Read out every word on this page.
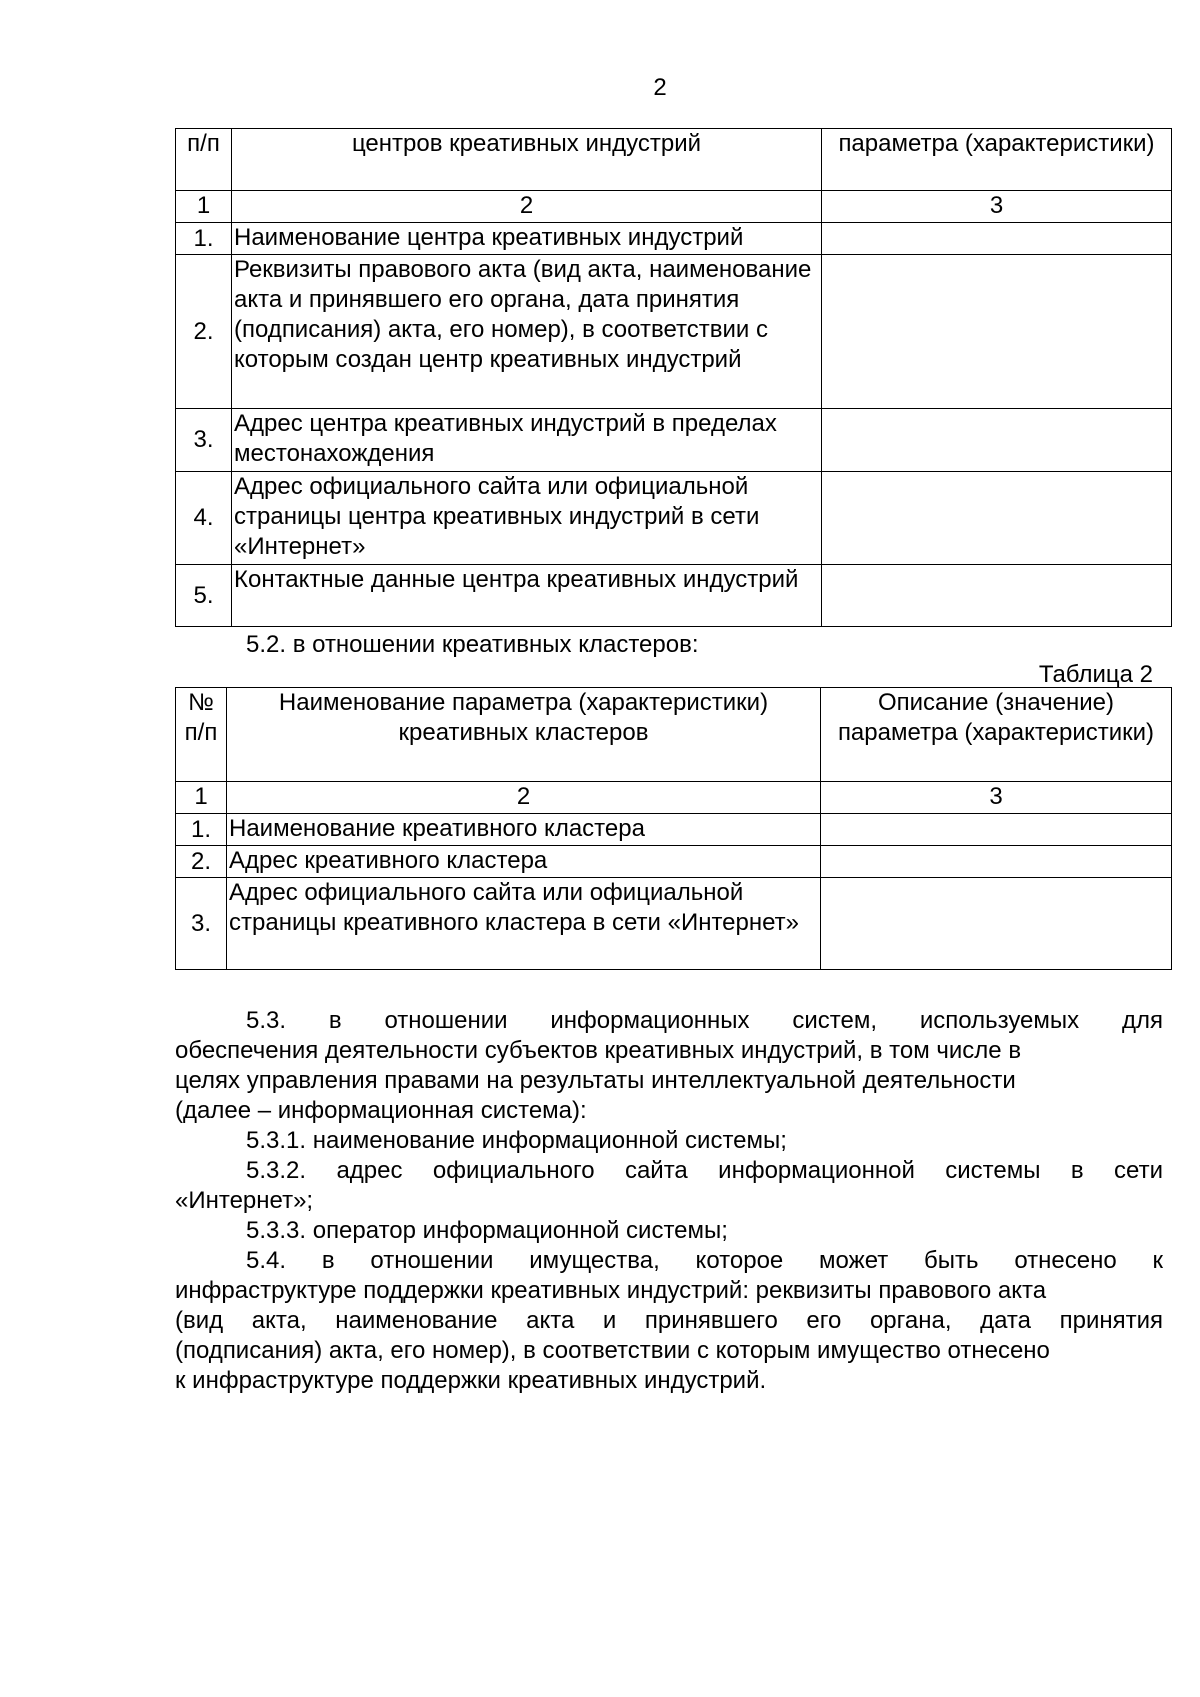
2
п/п	центров креативных индустрий	параметра (характеристики)
1	2	3
1.	Наименование центра креативных индустрий	
2.	Реквизиты правового акта (вид акта, наименование акта и принявшего его органа, дата принятия (подписания) акта, его номер), в соответствии с которым создан центр креативных индустрий	
3.	Адрес центра креативных индустрий в пределах местонахождения	
4.	Адрес официального сайта или официальной страницы центра креативных индустрий в сети «Интернет»	
5.	Контактные данные центра креативных индустрий	
5.2. в отношении креативных кластеров:
Таблица 2
№ п/п	Наименование параметра (характеристики) креативных кластеров	Описание (значение) параметра (характеристики)
1	2	3
1.	Наименование креативного кластера	
2.	Адрес креативного кластера	
3.	Адрес официального сайта или официальной страницы креативного кластера в сети «Интернет»	
5.3. в отношении информационных систем, используемых для
обеспечения деятельности субъектов креативных индустрий, в том числе в
целях управления правами на результаты интеллектуальной деятельности
(далее – информационная система):
5.3.1. наименование информационной системы;
5.3.2. адрес официального сайта информационной системы в сети
«Интернет»;
5.3.3. оператор информационной системы;
5.4. в отношении имущества, которое может быть отнесено к
инфраструктуре поддержки креативных индустрий: реквизиты правового акта
(вид акта, наименование акта и принявшего его органа, дата принятия
(подписания) акта, его номер), в соответствии с которым имущество отнесено
к инфраструктуре поддержки креативных индустрий.
